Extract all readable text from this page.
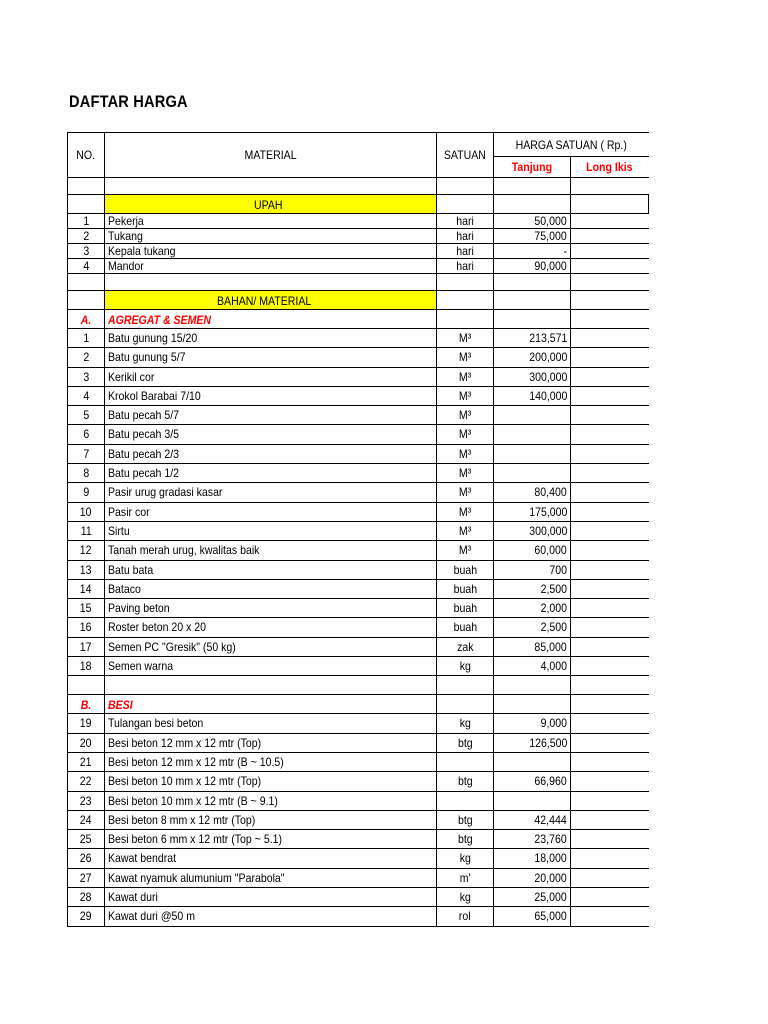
DAFTAR HARGA
NO.	MATERIAL	SATUAN	HARGA SATUAN ( Rp.)	
			Tanjung	Long Ikis

	UPAH			
1	Pekerja	hari	50,000	
2	Tukang	hari	75,000	
3	Kepala tukang	hari	-	
4	Mandor	hari	90,000	

	BAHAN/ MATERIAL			
A.	AGREGAT & SEMEN			
1	Batu gunung 15/20	M³	213,571	
2	Batu gunung 5/7	M³	200,000	
3	Kerikil cor	M³	300,000	
4	Krokol Barabai 7/10	M³	140,000	
5	Batu pecah 5/7	M³		
6	Batu pecah 3/5	M³		
7	Batu pecah 2/3	M³		
8	Batu pecah 1/2	M³		
9	Pasir urug gradasi kasar	M³	80,400	
10	Pasir cor	M³	175,000	
11	Sirtu	M³	300,000	
12	Tanah merah urug, kwalitas baik	M³	60,000	
13	Batu bata	buah	700	
14	Bataco	buah	2,500	
15	Paving beton	buah	2,000	
16	Roster beton 20 x 20	buah	2,500	
17	Semen PC "Gresik" (50 kg)	zak	85,000	
18	Semen warna	kg	4,000	

B.	BESI			
19	Tulangan besi beton	kg	9,000	
20	Besi beton 12 mm x 12 mtr (Top)	btg	126,500	
21	Besi beton 12 mm x 12 mtr (B ~ 10.5)			
22	Besi beton 10 mm x 12 mtr (Top)	btg	66,960	
23	Besi beton 10 mm x 12 mtr (B ~ 9.1)			
24	Besi beton 8 mm x 12 mtr (Top)	btg	42,444	
25	Besi beton 6 mm x 12 mtr (Top ~ 5.1)	btg	23,760	
26	Kawat bendrat	kg	18,000	
27	Kawat nyamuk alumunium "Parabola"	m'	20,000	
28	Kawat duri	kg	25,000	
29	Kawat duri @50 m	rol	65,000	
